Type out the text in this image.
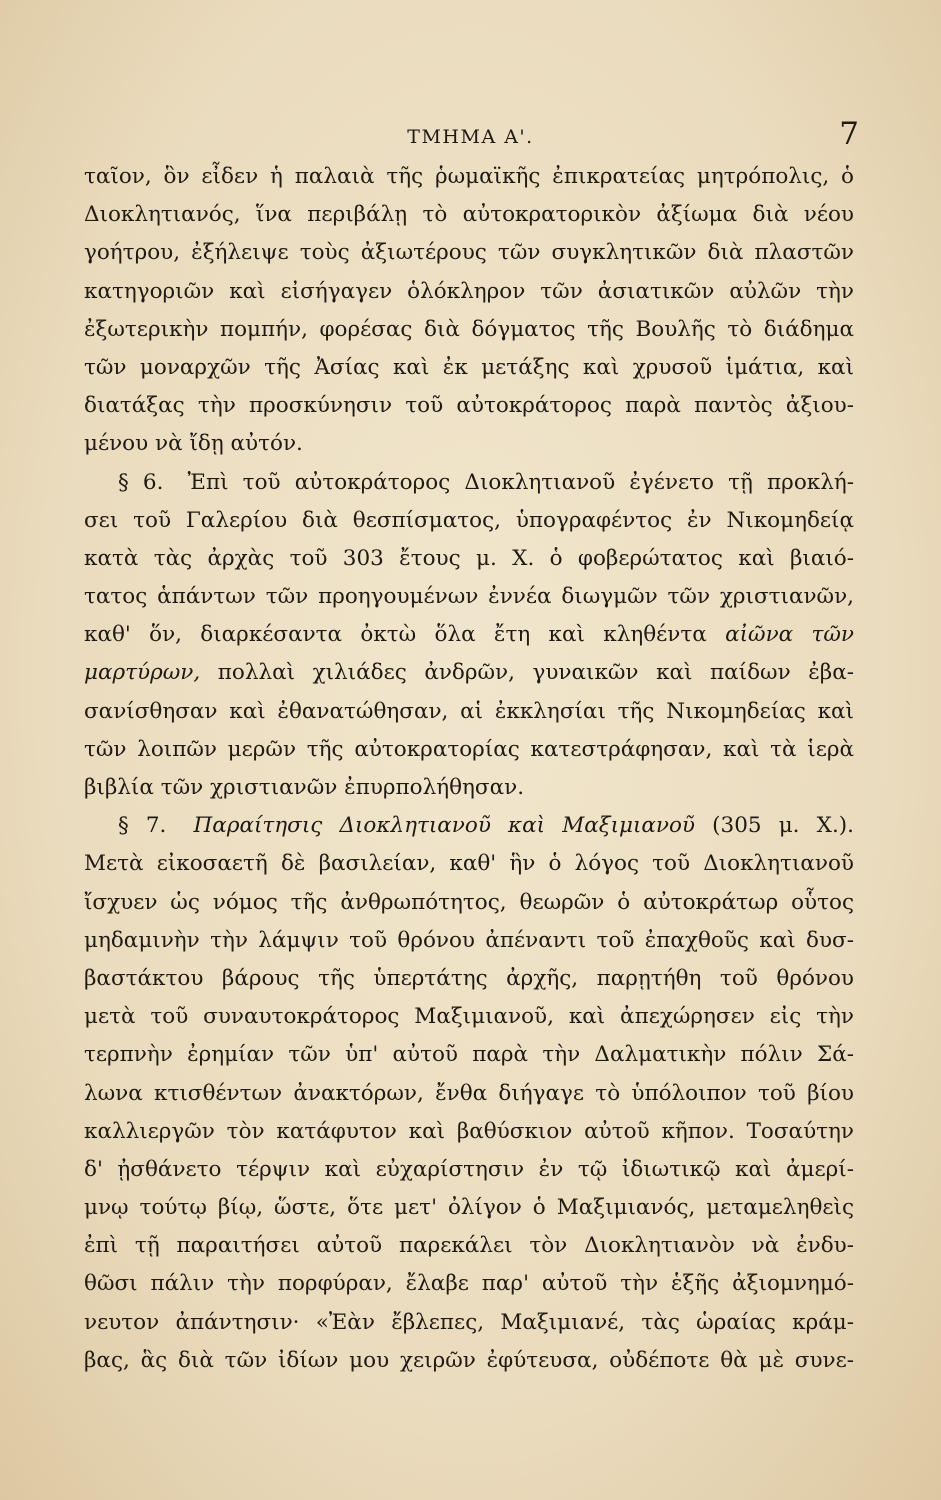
ΤΜΗΜΑ Α'.	7
ταῖον, ὃν εἶδεν ἡ παλαιὰ τῆς ῥωμαϊκῆς ἐπικρατείας μητρόπολις, ὁ
Διοκλητιανός, ἵνα περιβάλῃ τὸ αὐτοκρατορικὸν ἀξίωμα διὰ νέου
γοήτρου, ἐξήλειψε τοὺς ἀξιωτέρους τῶν συγκλητικῶν διὰ πλαστῶν
κατηγοριῶν καὶ εἰσήγαγεν ὁλόκληρον τῶν ἀσιατικῶν αὐλῶν τὴν
ἐξωτερικὴν πομπήν, φορέσας διὰ δόγματος τῆς Βουλῆς τὸ διάδημα
τῶν μοναρχῶν τῆς Ἀσίας καὶ ἐκ μετάξης καὶ χρυσοῦ ἱμάτια, καὶ
διατάξας τὴν προσκύνησιν τοῦ αὐτοκράτορος παρὰ παντὸς ἀξιου-
μένου νὰ ἴδῃ αὐτόν.
§ 6. Ἐπὶ τοῦ αὐτοκράτορος Διοκλητιανοῦ ἐγένετο τῇ προκλή-
σει τοῦ Γαλερίου διὰ θεσπίσματος, ὑπογραφέντος ἐν Νικομηδείᾳ
κατὰ τὰς ἀρχὰς τοῦ 303 ἔτους μ. Χ. ὁ φοβερώτατος καὶ βιαιό-
τατος ἁπάντων τῶν προηγουμένων ἐννέα διωγμῶν τῶν χριστιανῶν,
καθ' ὅν, διαρκέσαντα ὀκτὼ ὅλα ἔτη καὶ κληθέντα αἰῶνα τῶν
μαρτύρων, πολλαὶ χιλιάδες ἀνδρῶν, γυναικῶν καὶ παίδων ἐβα-
σανίσθησαν καὶ ἐθανατώθησαν, αἱ ἐκκλησίαι τῆς Νικομηδείας καὶ
τῶν λοιπῶν μερῶν τῆς αὐτοκρατορίας κατεστράφησαν, καὶ τὰ ἱερὰ
βιβλία τῶν χριστιανῶν ἐπυρπολήθησαν.
§ 7. Παραίτησις Διοκλητιανοῦ καὶ Μαξιμιανοῦ (305 μ. Χ.).
Μετὰ εἰκοσαετῆ δὲ βασιλείαν, καθ' ἣν ὁ λόγος τοῦ Διοκλητιανοῦ
ἴσχυεν ὡς νόμος τῆς ἀνθρωπότητος, θεωρῶν ὁ αὐτοκράτωρ οὗτος
μηδαμινὴν τὴν λάμψιν τοῦ θρόνου ἀπέναντι τοῦ ἐπαχθοῦς καὶ δυσ-
βαστάκτου βάρους τῆς ὑπερτάτης ἀρχῆς, παρῃτήθη τοῦ θρόνου
μετὰ τοῦ συναυτοκράτορος Μαξιμιανοῦ, καὶ ἀπεχώρησεν εἰς τὴν
τερπνὴν ἐρημίαν τῶν ὑπ' αὐτοῦ παρὰ τὴν Δαλματικὴν πόλιν Σά-
λωνα κτισθέντων ἀνακτόρων, ἔνθα διήγαγε τὸ ὑπόλοιπον τοῦ βίου
καλλιεργῶν τὸν κατάφυτον καὶ βαθύσκιον αὐτοῦ κῆπον. Τοσαύτην
δ' ᾐσθάνετο τέρψιν καὶ εὐχαρίστησιν ἐν τῷ ἰδιωτικῷ καὶ ἀμερί-
μνῳ τούτῳ βίῳ, ὥστε, ὅτε μετ' ὀλίγον ὁ Μαξιμιανός, μεταμεληθεὶς
ἐπὶ τῇ παραιτήσει αὐτοῦ παρεκάλει τὸν Διοκλητιανὸν νὰ ἐνδυ-
θῶσι πάλιν τὴν πορφύραν, ἔλαβε παρ' αὐτοῦ τὴν ἑξῆς ἀξιομνημό-
νευτον ἀπάντησιν· «Ἐὰν ἔβλεπες, Μαξιμιανέ, τὰς ὡραίας κράμ-
βας, ἃς διὰ τῶν ἰδίων μου χειρῶν ἐφύτευσα, οὐδέποτε θὰ μὲ συνε-
